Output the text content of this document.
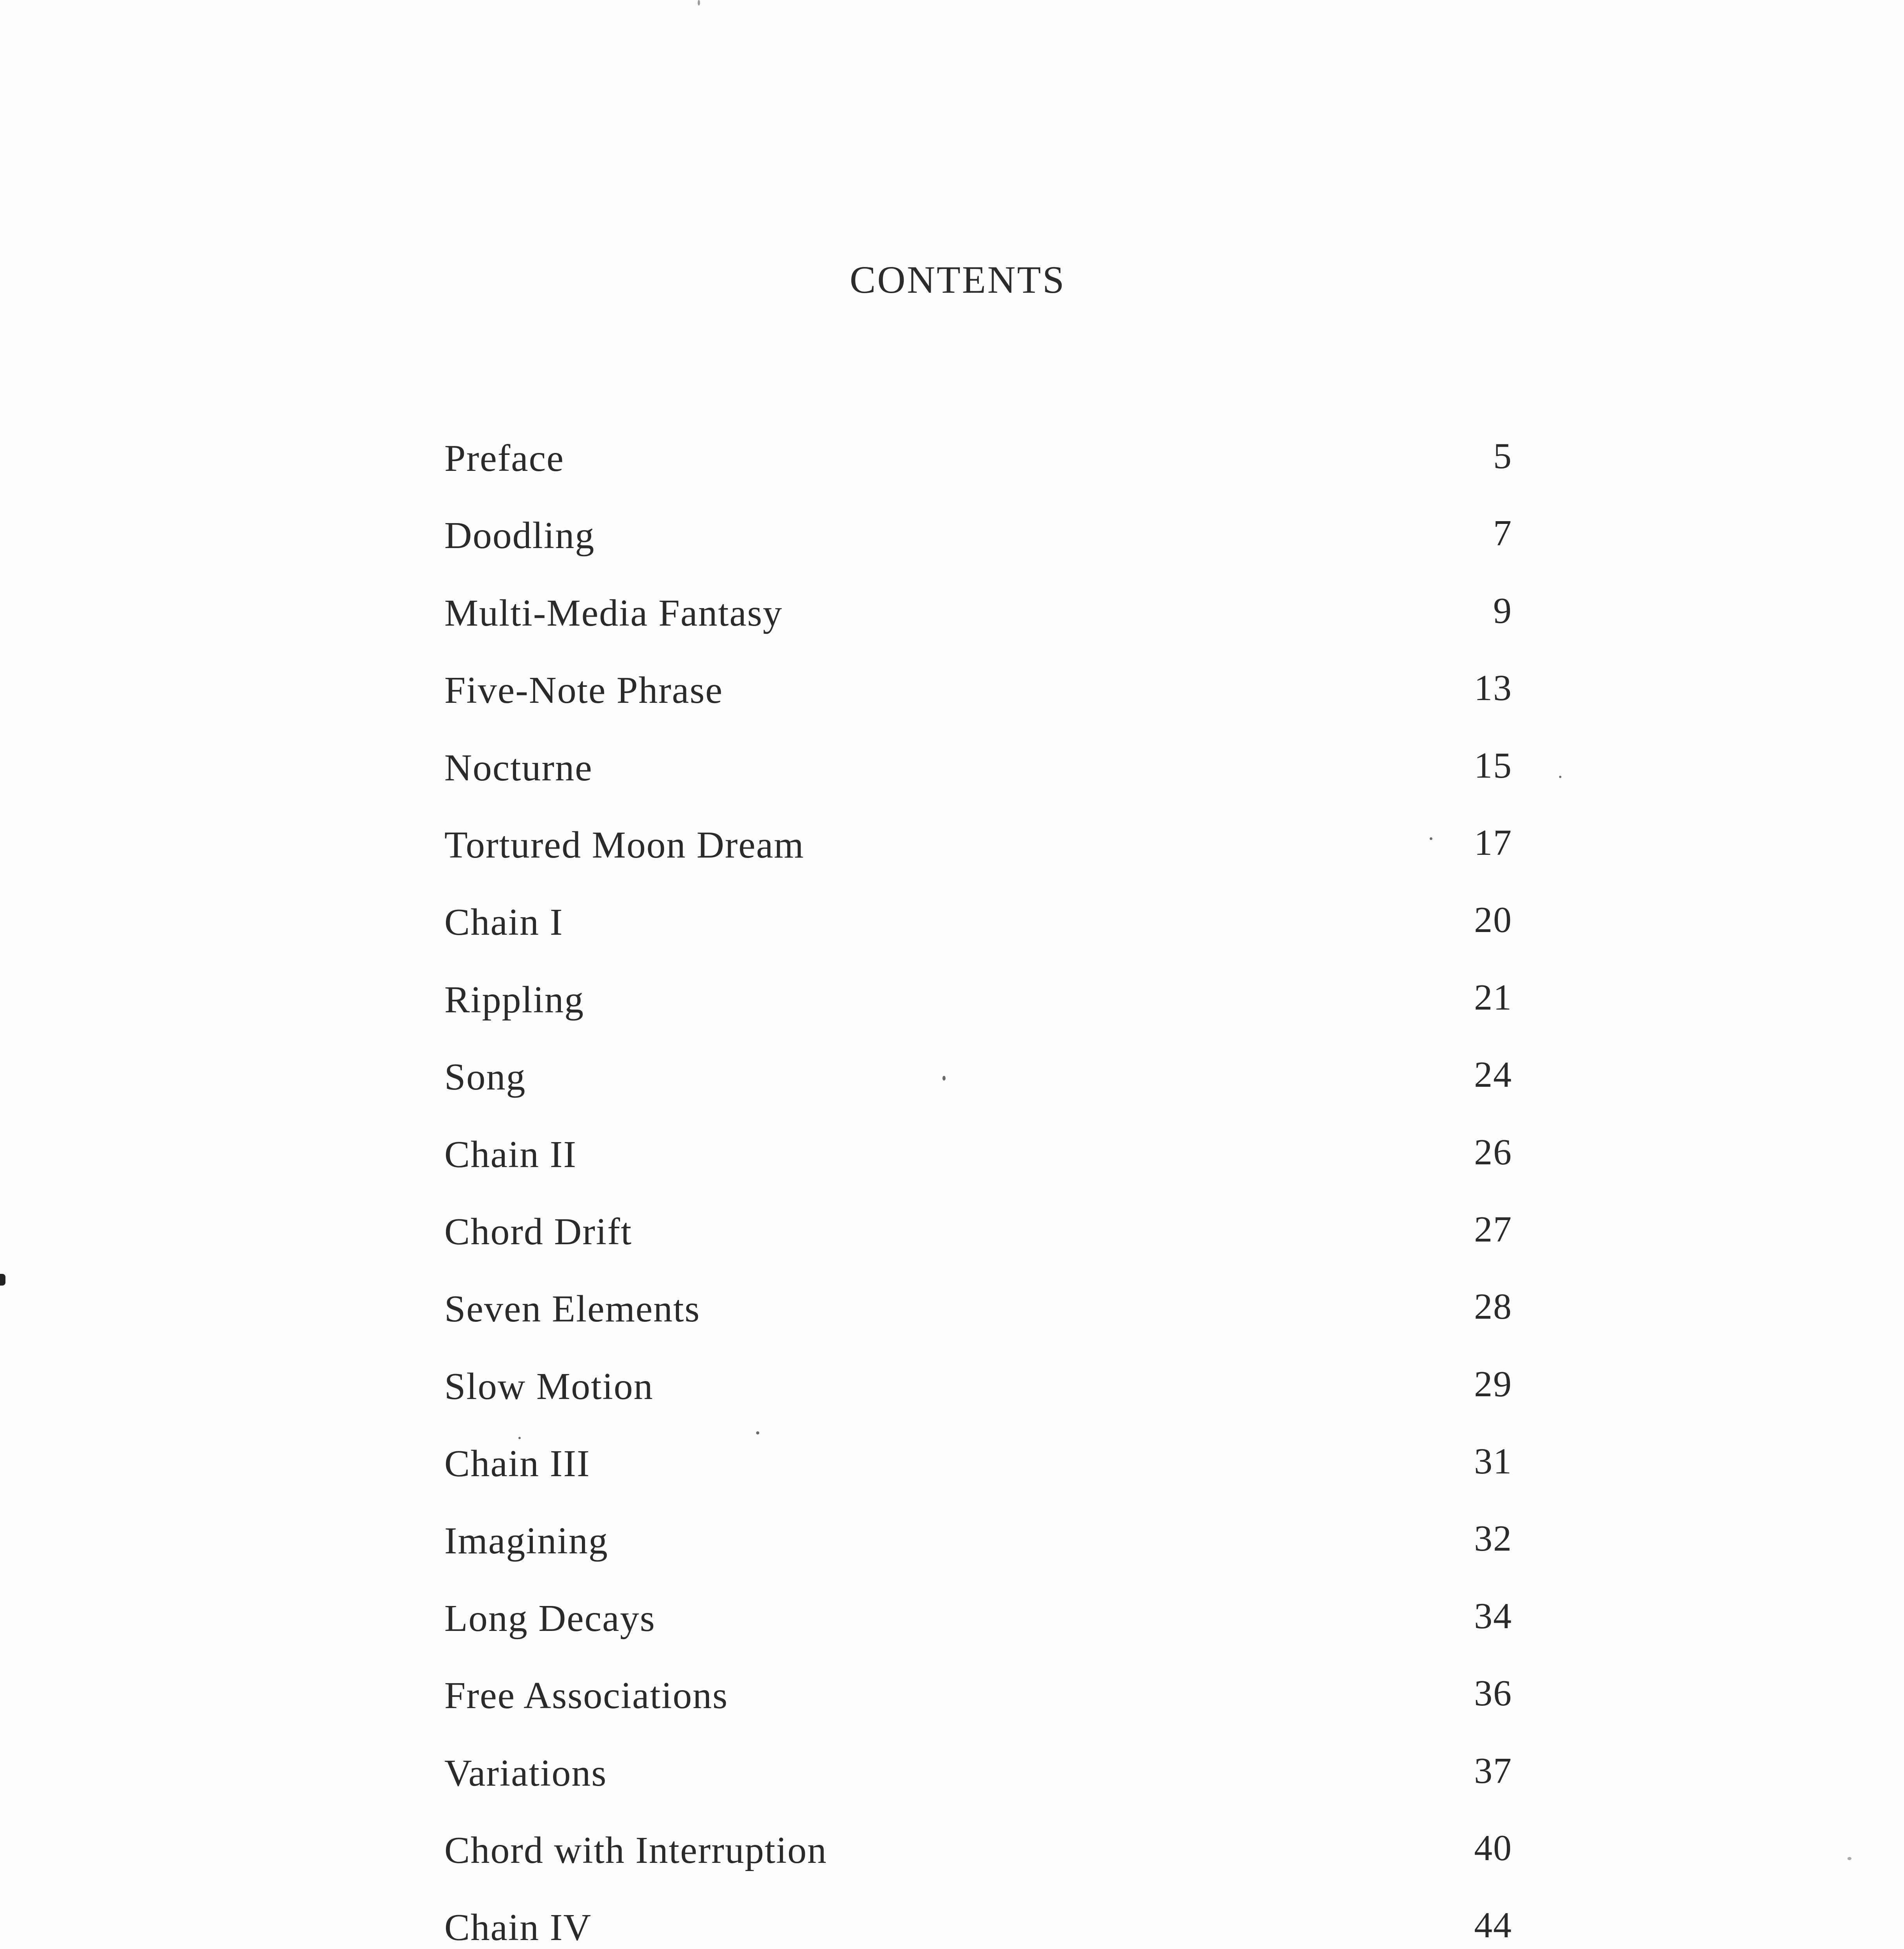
CONTENTS
Preface	5
Doodling	7
Multi-Media Fantasy	9
Five-Note Phrase	13
Nocturne	15
Tortured Moon Dream	17
Chain I	20
Rippling	21
Song	24
Chain II	26
Chord Drift	27
Seven Elements	28
Slow Motion	29
Chain III	31
Imagining	32
Long Decays	34
Free Associations	36
Variations	37
Chord with Interruption	40
Chain IV	44
